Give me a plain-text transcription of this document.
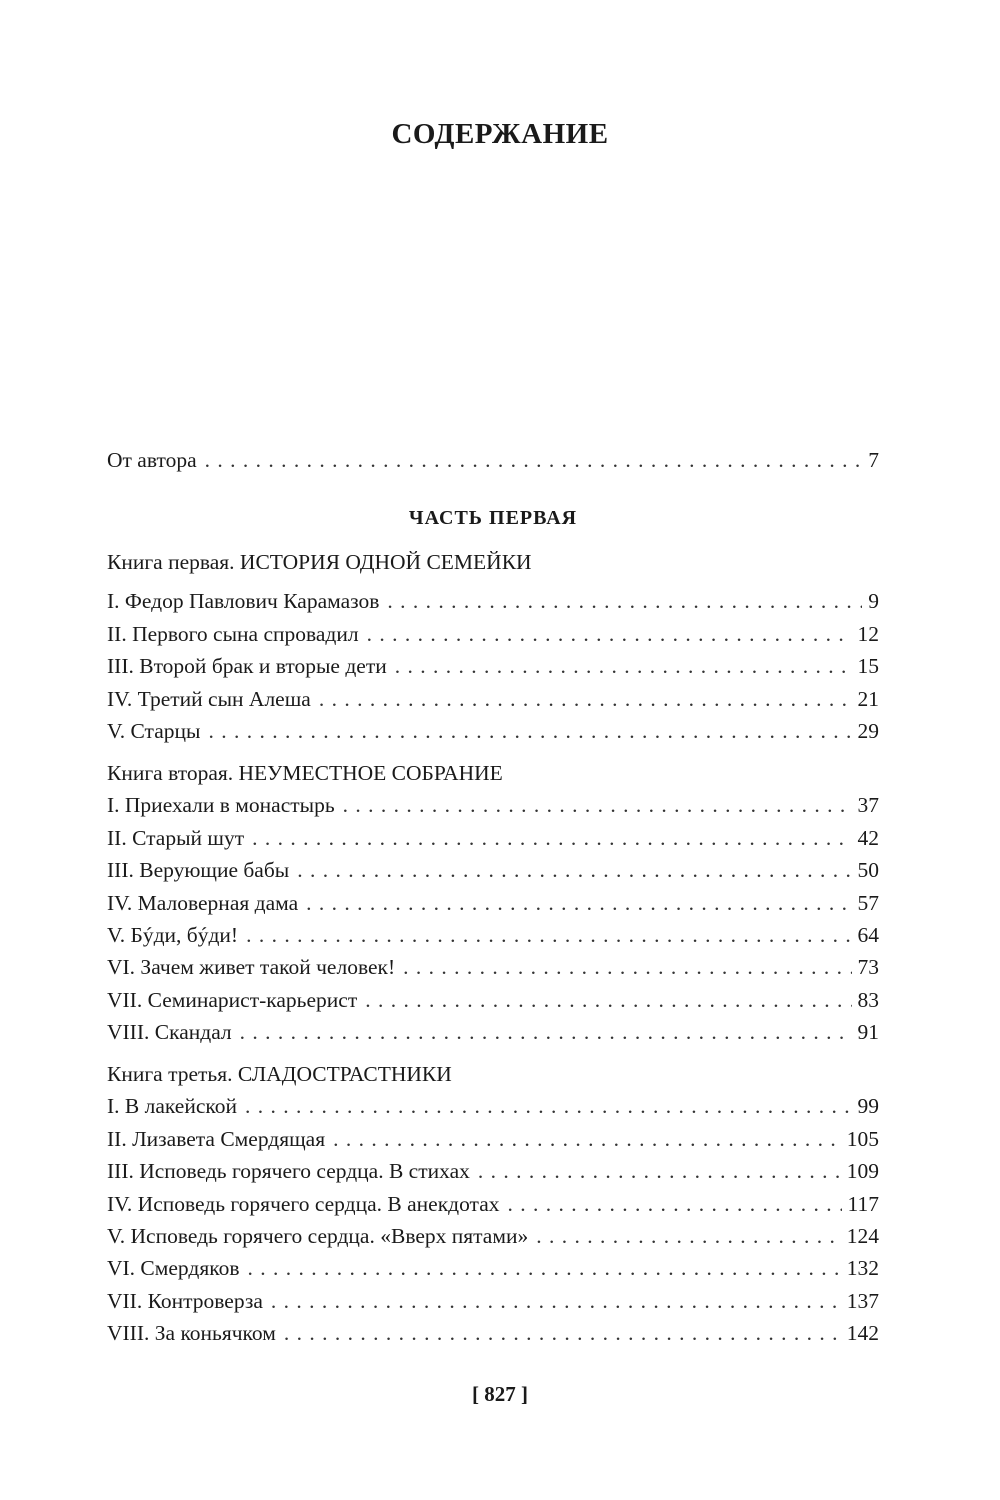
СОДЕРЖАНИЕ
От автора . . .	7
ЧАСТЬ ПЕРВАЯ
Книга первая. ИСТОРИЯ ОДНОЙ СЕМЕЙКИ
I. Федор Павлович Карамазов . . .	9
II. Первого сына спровадил . . .	12
III. Второй брак и вторые дети . . .	15
IV. Третий сын Алеша . . .	21
V. Старцы . . .	29
Книга вторая. НЕУМЕСТНОЕ СОБРАНИЕ
I. Приехали в монастырь . . .	37
II. Старый шут . . .	42
III. Верующие бабы . . .	50
IV. Маловерная дама . . .	57
V. Бýди, бýди! . . .	64
VI. Зачем живет такой человек! . . .	73
VII. Семинарист-карьерист . . .	83
VIII. Скандал . . .	91
Книга третья. СЛАДОСТРАСТНИКИ
I. В лакейской . . .	99
II. Лизавета Смердящая . . .	105
III. Исповедь горячего сердца. В стихах . . .	109
IV. Исповедь горячего сердца. В анекдотах . . .	117
V. Исповедь горячего сердца. «Вверх пятами» . . .	124
VI. Смердяков . . .	132
VII. Контроверза . . .	137
VIII. За коньячком . . .	142
[ 827 ]
